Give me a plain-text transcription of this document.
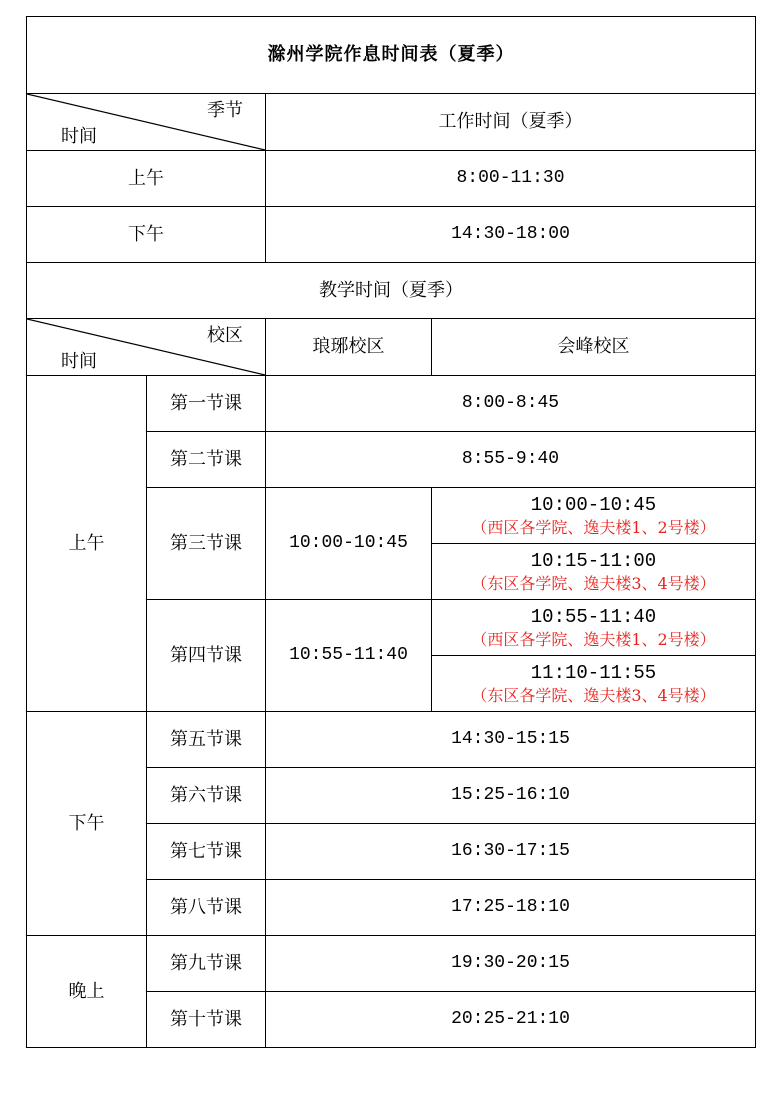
滁州学院作息时间表（夏季）			

季节
时间		工作时间（夏季）	
上午		8:00-11:30	
下午		14:30-18:00	
教学时间（夏季）			

校区
时间		琅琊校区	会峰校区
上午	第一节课	8:00-8:45	
	第二节课	8:55-9:40	
	第三节课	10:00-10:45	10:00-10:45
（西区各学院、逸夫楼1、2号楼）

			10:15-11:00
（东区各学院、逸夫楼3、4号楼）

	第四节课	10:55-11:40	10:55-11:40
（西区各学院、逸夫楼1、2号楼）

			11:10-11:55
（东区各学院、逸夫楼3、4号楼）

下午	第五节课	14:30-15:15	
	第六节课	15:25-16:10	
	第七节课	16:30-17:15	
	第八节课	17:25-18:10	
晚上	第九节课	19:30-20:15	
	第十节课	20:25-21:10	
